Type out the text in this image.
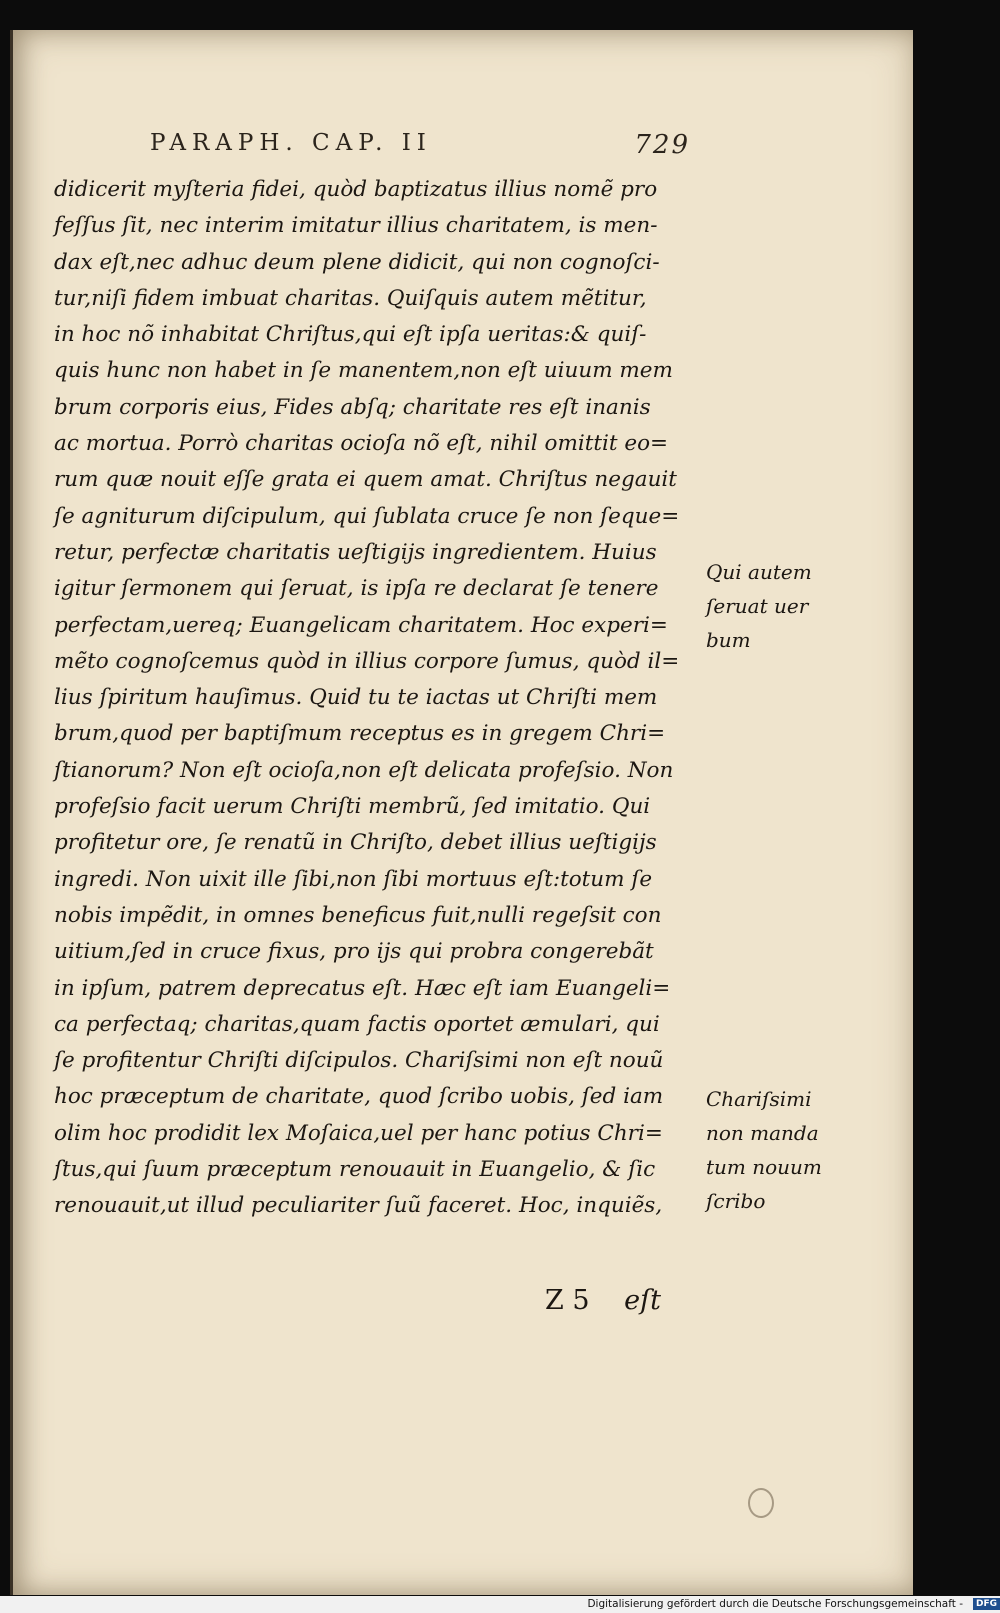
PARAPH. CAP. II	729
didicerit myſteria fidei, quòd baptizatus illius nomẽ pro
feſſus ſit, nec interim imitatur illius charitatem, is men-
dax eſt,nec adhuc deum plene didicit, qui non cognoſci-
tur,niſi fidem imbuat charitas. Quiſquis autem mẽtitur,
in hoc nõ inhabitat Chriſtus,qui eſt ipſa ueritas:& quiſ-
quis hunc non habet in ſe manentem,non eſt uiuum mem
brum corporis eius, Fides abſq; charitate res eſt inanis
ac mortua. Porrò charitas ocioſa nõ eſt, nihil omittit eo=
rum quæ nouit eſſe grata ei quem amat. Chriſtus negauit
ſe agniturum diſcipulum, qui ſublata cruce ſe non ſeque=
retur, perfectæ charitatis ueſtigijs ingredientem. Huius
igitur ſermonem qui ſeruat, is ipſa re declarat ſe tenere
perfectam,uereq; Euangelicam charitatem. Hoc experi=
mẽto cognoſcemus quòd in illius corpore ſumus, quòd il=
lius ſpiritum hauſimus. Quid tu te iactas ut Chriſti mem
brum,quod per baptiſmum receptus es in gregem Chri=
ſtianorum? Non eſt ocioſa,non eſt delicata profeſsio. Non
profeſsio facit uerum Chriſti membrũ, ſed imitatio. Qui
profitetur ore, ſe renatũ in Chriſto, debet illius ueſtigijs
ingredi. Non uixit ille ſibi,non ſibi mortuus eſt:totum ſe
nobis impẽdit, in omnes beneficus fuit,nulli regeſsit con
uitium,ſed in cruce fixus, pro ijs qui probra congerebãt
in ipſum, patrem deprecatus eſt. Hæc eſt iam Euangeli=
ca perfectaq; charitas,quam factis oportet æmulari, qui
ſe profitentur Chriſti diſcipulos. Chariſsimi non eſt nouũ
hoc præceptum de charitate, quod ſcribo uobis, ſed iam
olim hoc prodidit lex Moſaica,uel per hanc potius Chri=
ſtus,qui ſuum præceptum renouauit in Euangelio, & ſic
renouauit,ut illud peculiariter ſuũ faceret. Hoc, inquiẽs,
Qui autem
ſeruat uer
bum
Chariſsimi
non manda
tum nouum
ſcribo
Z 5 eſt
Digitalisierung gefördert durch die Deutsche Forschungsgemeinschaft - DFG
